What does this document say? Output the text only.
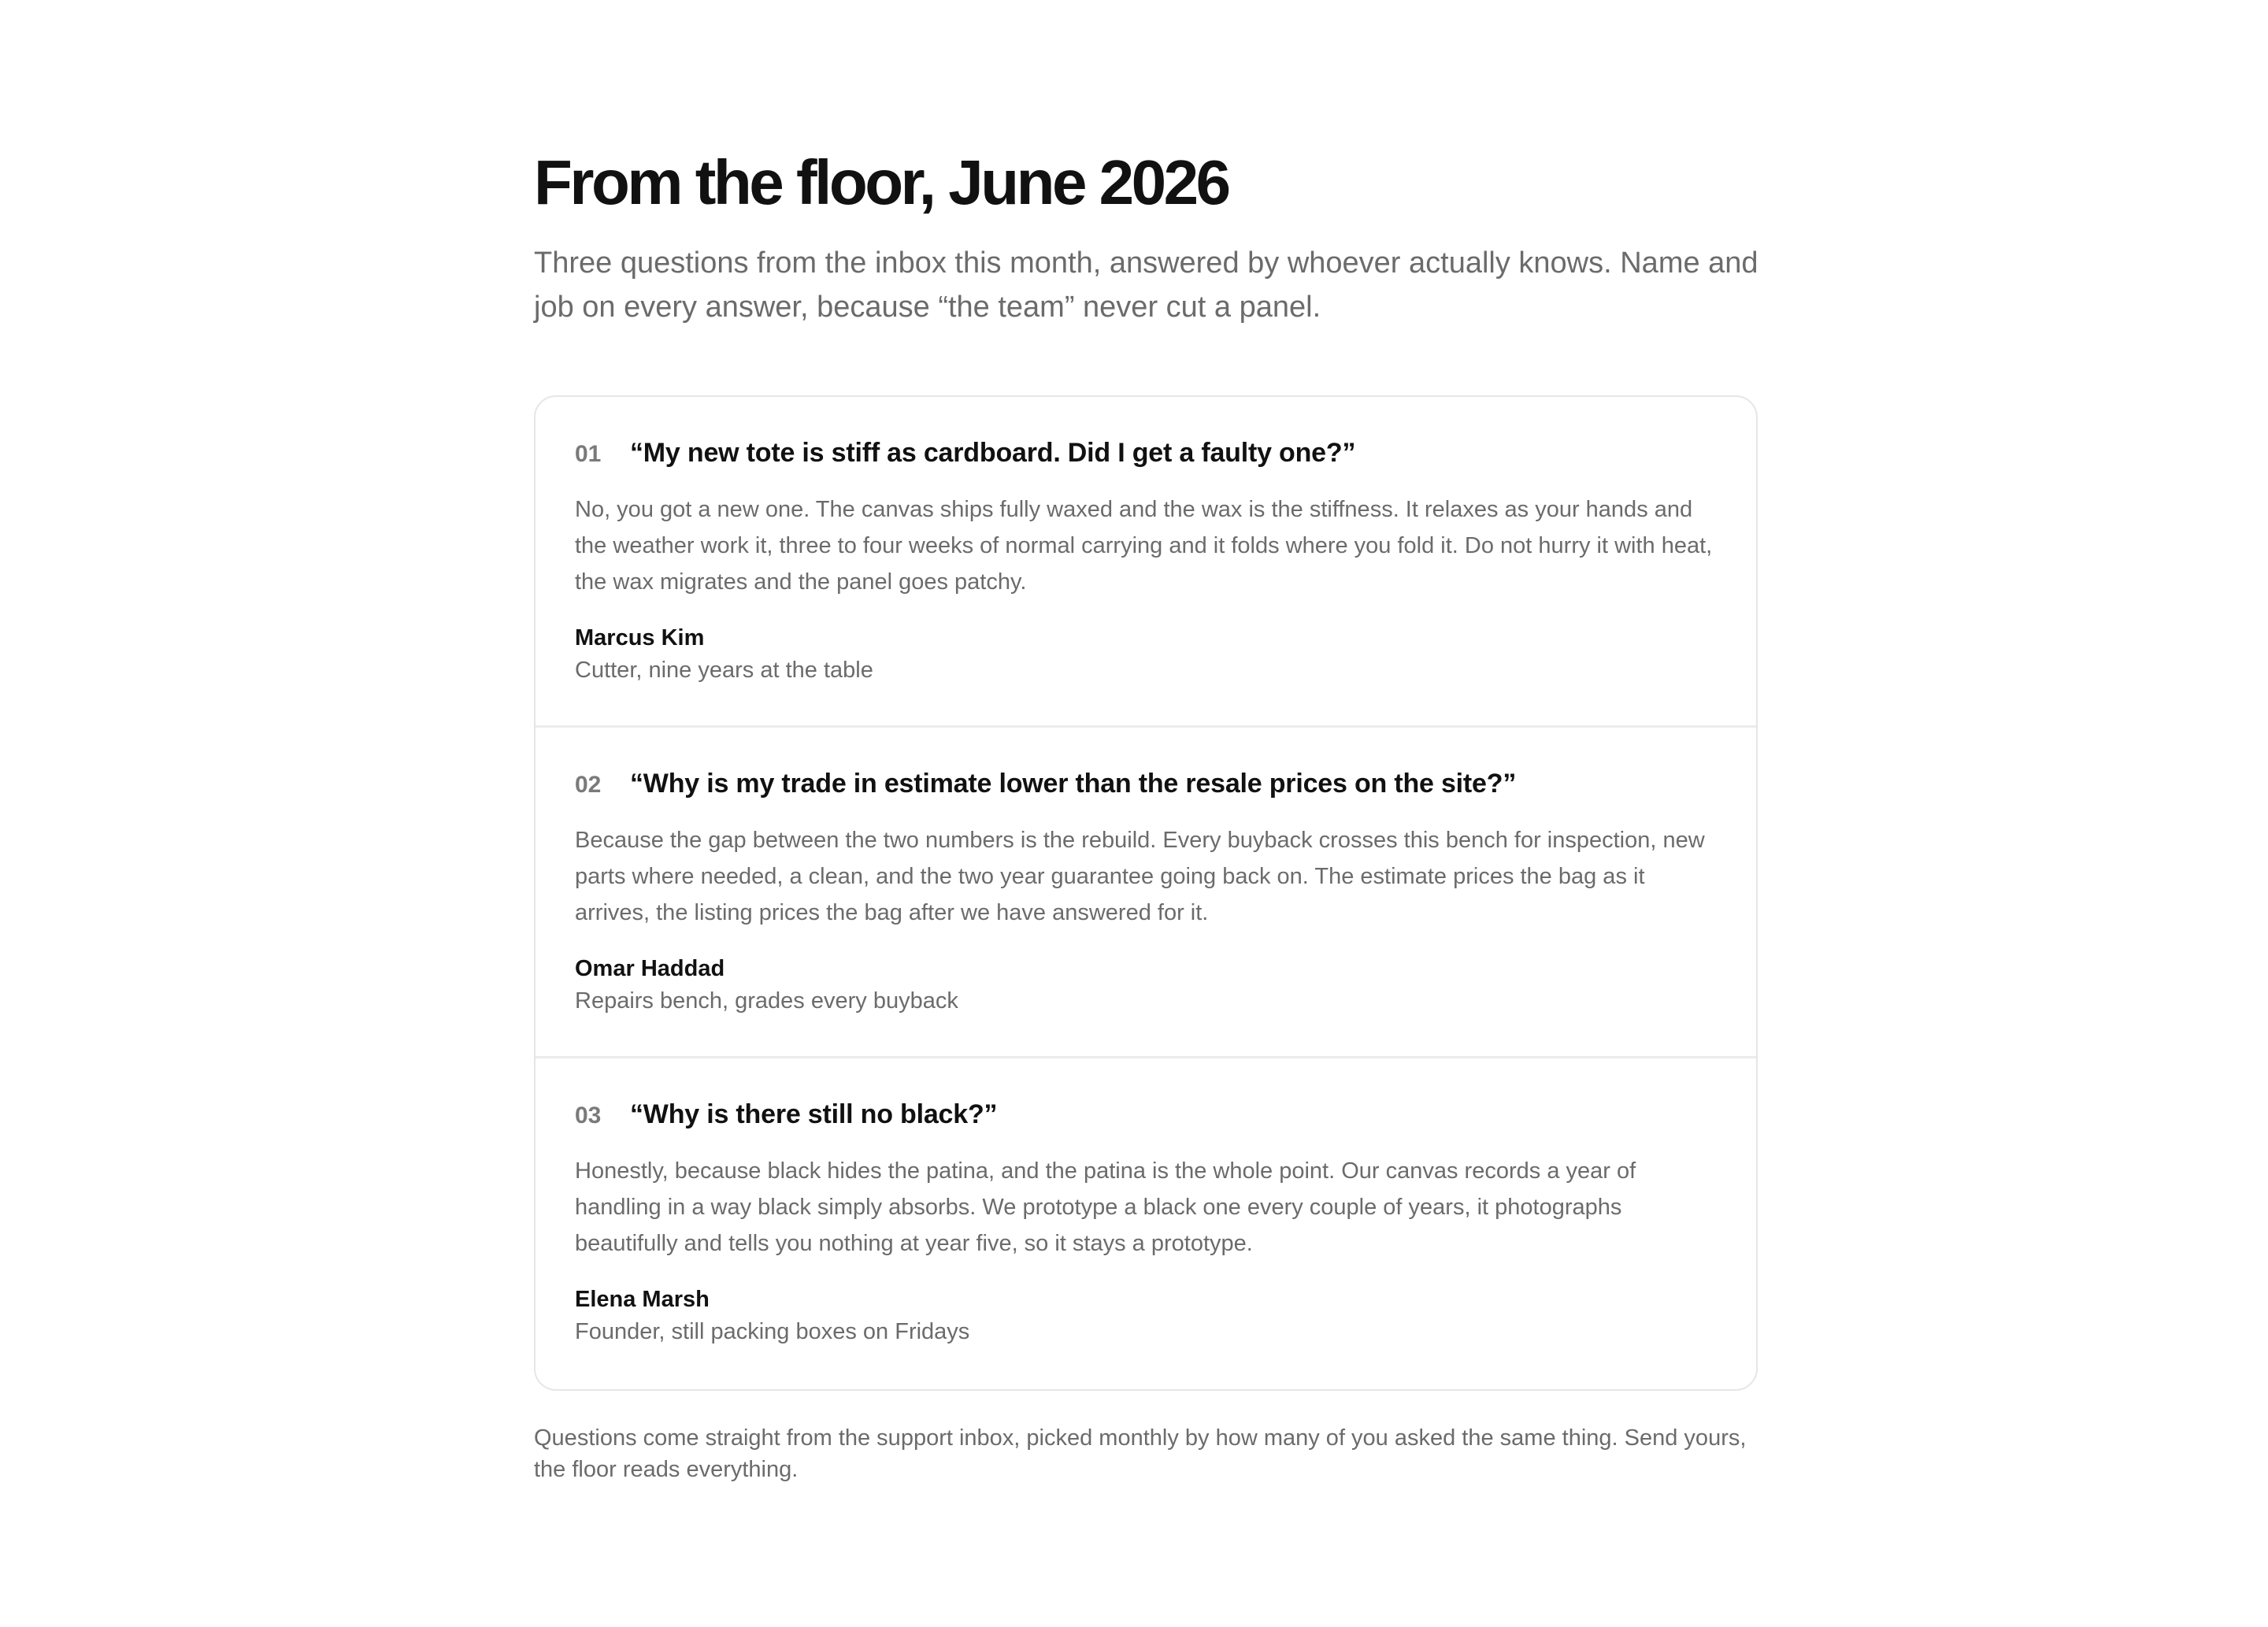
From the floor, June 2026

Three questions from the inbox this month, answered by whoever actually knows. Name and job on every answer, because “the team” never cut a panel.

01	“My new tote is stiff as cardboard. Did I get a faulty one?”

No, you got a new one. The canvas ships fully waxed and the wax is the stiffness. It relaxes as your hands and the weather work it, three to four weeks of normal carrying and it folds where you fold it. Do not hurry it with heat, the wax migrates and the panel goes patchy.

Marcus Kim
Cutter, nine years at the table
02	“Why is my trade in estimate lower than the resale prices on the site?”

Because the gap between the two numbers is the rebuild. Every buyback crosses this bench for inspection, new parts where needed, a clean, and the two year guarantee going back on. The estimate prices the bag as it arrives, the listing prices the bag after we have answered for it.

Omar Haddad
Repairs bench, grades every buyback
03	“Why is there still no black?”

Honestly, because black hides the patina, and the patina is the whole point. Our canvas records a year of handling in a way black simply absorbs. We prototype a black one every couple of years, it photographs beautifully and tells you nothing at year five, so it stays a prototype.

Elena Marsh
Founder, still packing boxes on Fridays

Questions come straight from the support inbox, picked monthly by how many of you asked the same thing. Send yours, the floor reads everything.
